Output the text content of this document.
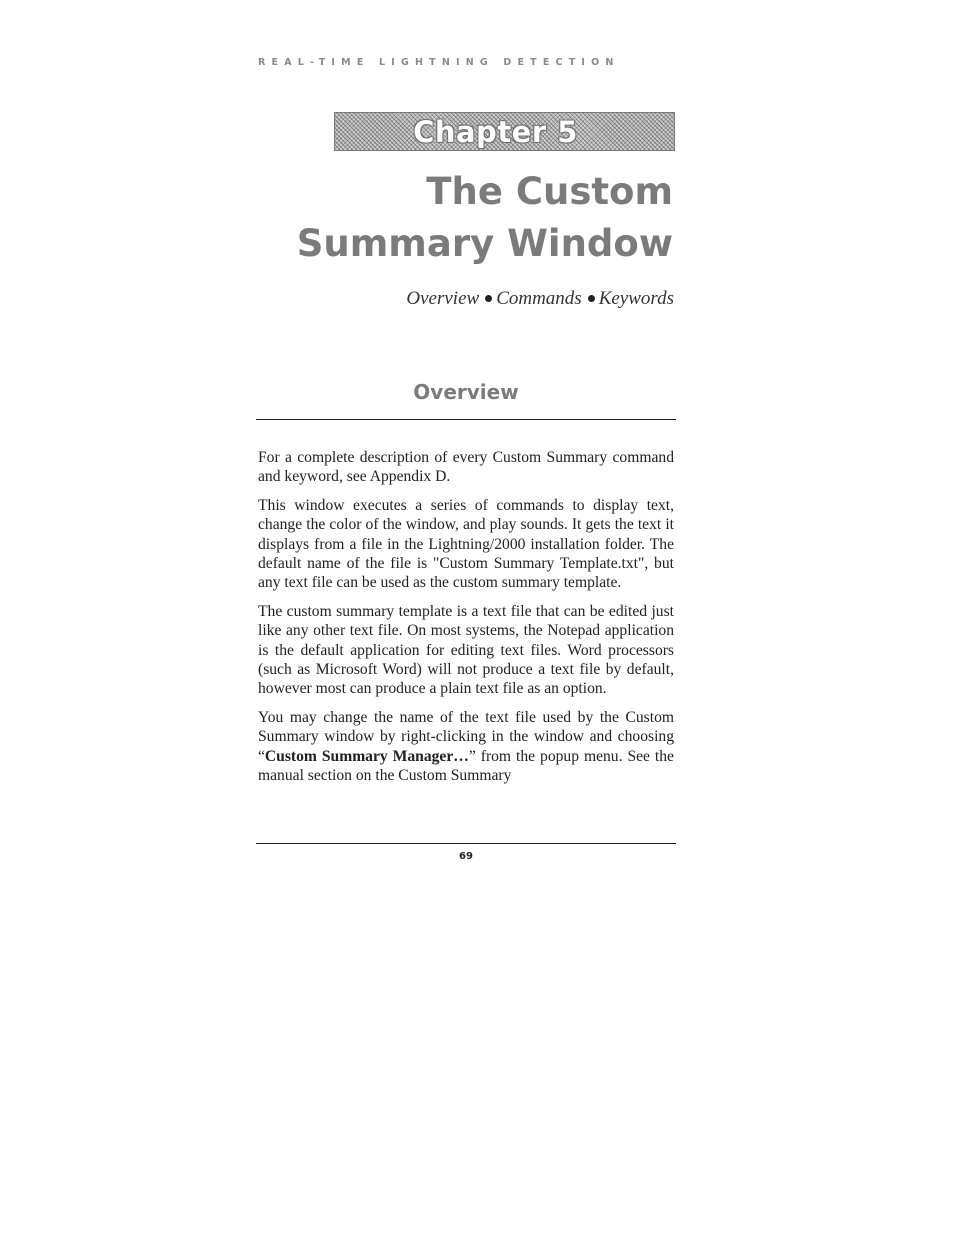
REAL-TIME LIGHTNING DETECTION
Chapter 5
The Custom
Summary Window
Overview Commands Keywords
Overview

For a complete description of every Custom Summary command and keyword, see Appendix D.

This window executes a series of commands to display text, change the color of the window, and play sounds. It gets the text it displays from a file in the Lightning/2000 installation folder. The default name of the file is "Custom Summary Template.txt", but any text file can be used as the custom summary template.

The custom summary template is a text file that can be edited just like any other text file. On most systems, the Notepad application is the default application for editing text files. Word processors (such as Microsoft Word) will not produce a text file by default, however most can produce a plain text file as an option.

You may change the name of the text file used by the Custom Summary window by right-clicking in the window and choosing “Custom Summary Manager…” from the popup menu. See the manual section on the Custom Summary

69
